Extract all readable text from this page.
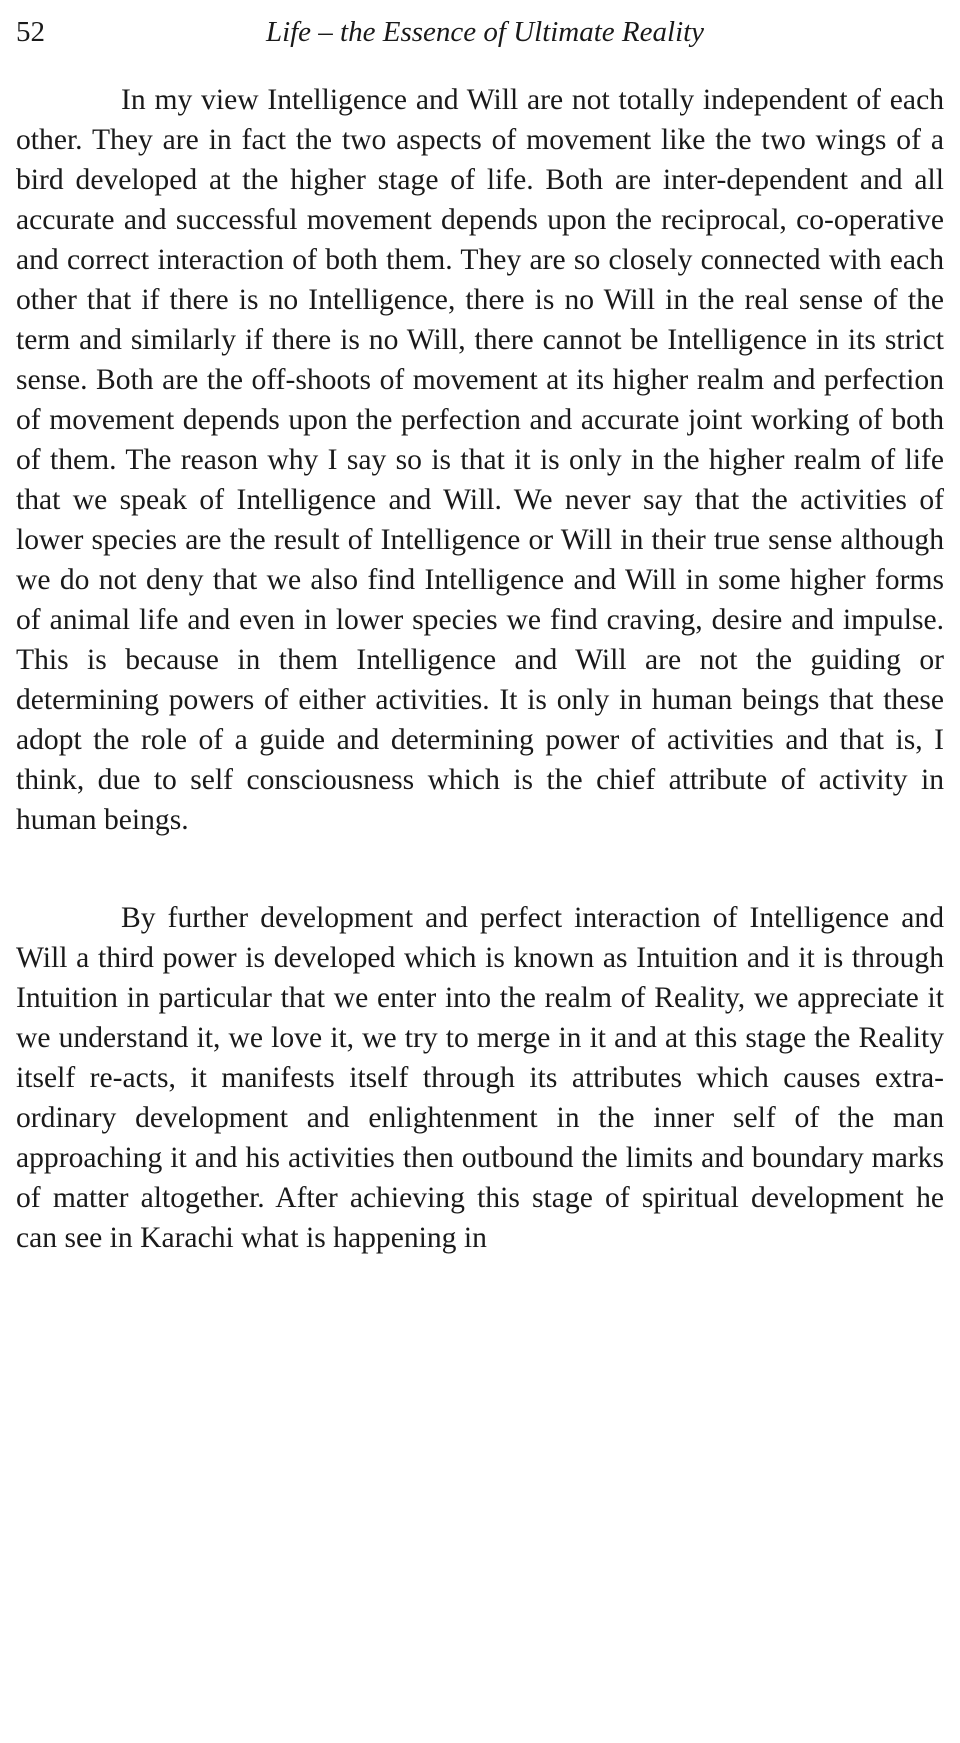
52	Life – the Essence of Ultimate Reality

In my view Intelligence and Will are not totally independent of each other. They are in fact the two aspects of movement like the two wings of a bird developed at the higher stage of life. Both are inter-dependent and all accurate and successful movement depends upon the reciprocal, co-operative and correct interaction of both them. They are so closely connected with each other that if there is no Intelligence, there is no Will in the real sense of the term and similarly if there is no Will, there cannot be Intelligence in its strict sense. Both are the off-shoots of movement at its higher realm and perfection of movement depends upon the perfection and accurate joint working of both of them. The reason why I say so is that it is only in the higher realm of life that we speak of Intelligence and Will. We never say that the activities of lower species are the result of Intelligence or Will in their true sense although we do not deny that we also find Intelligence and Will in some higher forms of animal life and even in lower species we find craving, desire and impulse. This is because in them Intelligence and Will are not the guiding or determining powers of either activities. It is only in human beings that these adopt the role of a guide and determining power of activities and that is, I think, due to self consciousness which is the chief attribute of activity in human beings.

By further development and perfect interaction of Intelligence and Will a third power is developed which is known as Intuition and it is through Intuition in particular that we enter into the realm of Reality, we appreciate it we understand it, we love it, we try to merge in it and at this stage the Reality itself re-acts, it manifests itself through its attributes which causes extra-ordinary development and enlightenment in the inner self of the man approaching it and his activities then outbound the limits and boundary marks of matter altogether. After achieving this stage of spiritual development he can see in Karachi what is happening in
